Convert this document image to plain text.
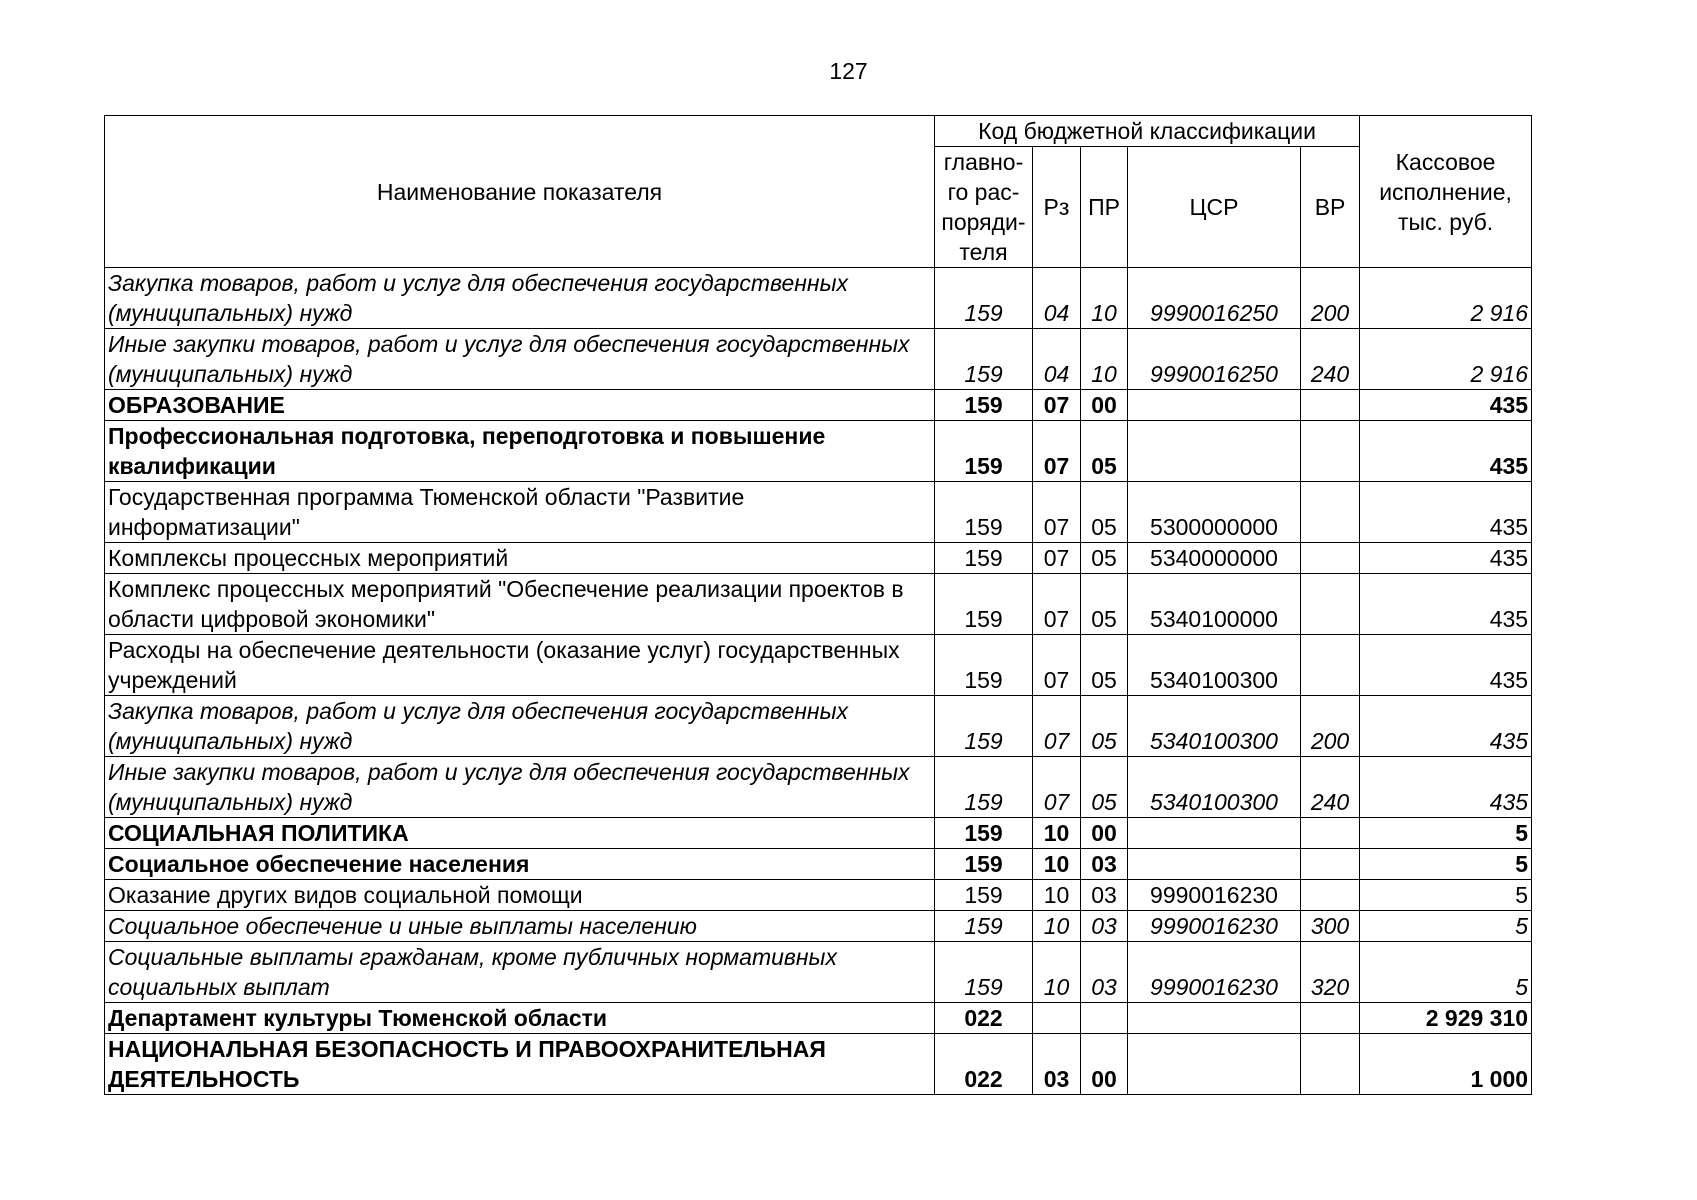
127
Наименование показателя	Код бюджетной классификации					Кассовое исполнение, тыс. руб.
	главно-го рас-поряди-теля	Рз	ПР	ЦСР	ВР	
Закупка товаров, работ и услуг для обеспечения государственных (муниципальных) нужд	159	04	10	9990016250	200	2 916
Иные закупки товаров, работ и услуг для обеспечения государственных (муниципальных) нужд	159	04	10	9990016250	240	2 916
ОБРАЗОВАНИЕ	159	07	00			435
Профессиональная подготовка, переподготовка и повышение квалификации	159	07	05			435
Государственная программа Тюменской области "Развитие информатизации"	159	07	05	5300000000		435
Комплексы процессных мероприятий	159	07	05	5340000000		435
Комплекс процессных мероприятий "Обеспечение реализации проектов в области цифровой экономики"	159	07	05	5340100000		435
Расходы на обеспечение деятельности (оказание услуг) государственных учреждений	159	07	05	5340100300		435
Закупка товаров, работ и услуг для обеспечения государственных (муниципальных) нужд	159	07	05	5340100300	200	435
Иные закупки товаров, работ и услуг для обеспечения государственных (муниципальных) нужд	159	07	05	5340100300	240	435
СОЦИАЛЬНАЯ ПОЛИТИКА	159	10	00			5
Социальное обеспечение населения	159	10	03			5
Оказание других видов социальной помощи	159	10	03	9990016230		5
Социальное обеспечение и иные выплаты населению	159	10	03	9990016230	300	5
Социальные выплаты гражданам, кроме публичных нормативных социальных выплат	159	10	03	9990016230	320	5
Департамент культуры Тюменской области	022					2 929 310
НАЦИОНАЛЬНАЯ БЕЗОПАСНОСТЬ И ПРАВООХРАНИТЕЛЬНАЯ ДЕЯТЕЛЬНОСТЬ	022	03	00			1 000
